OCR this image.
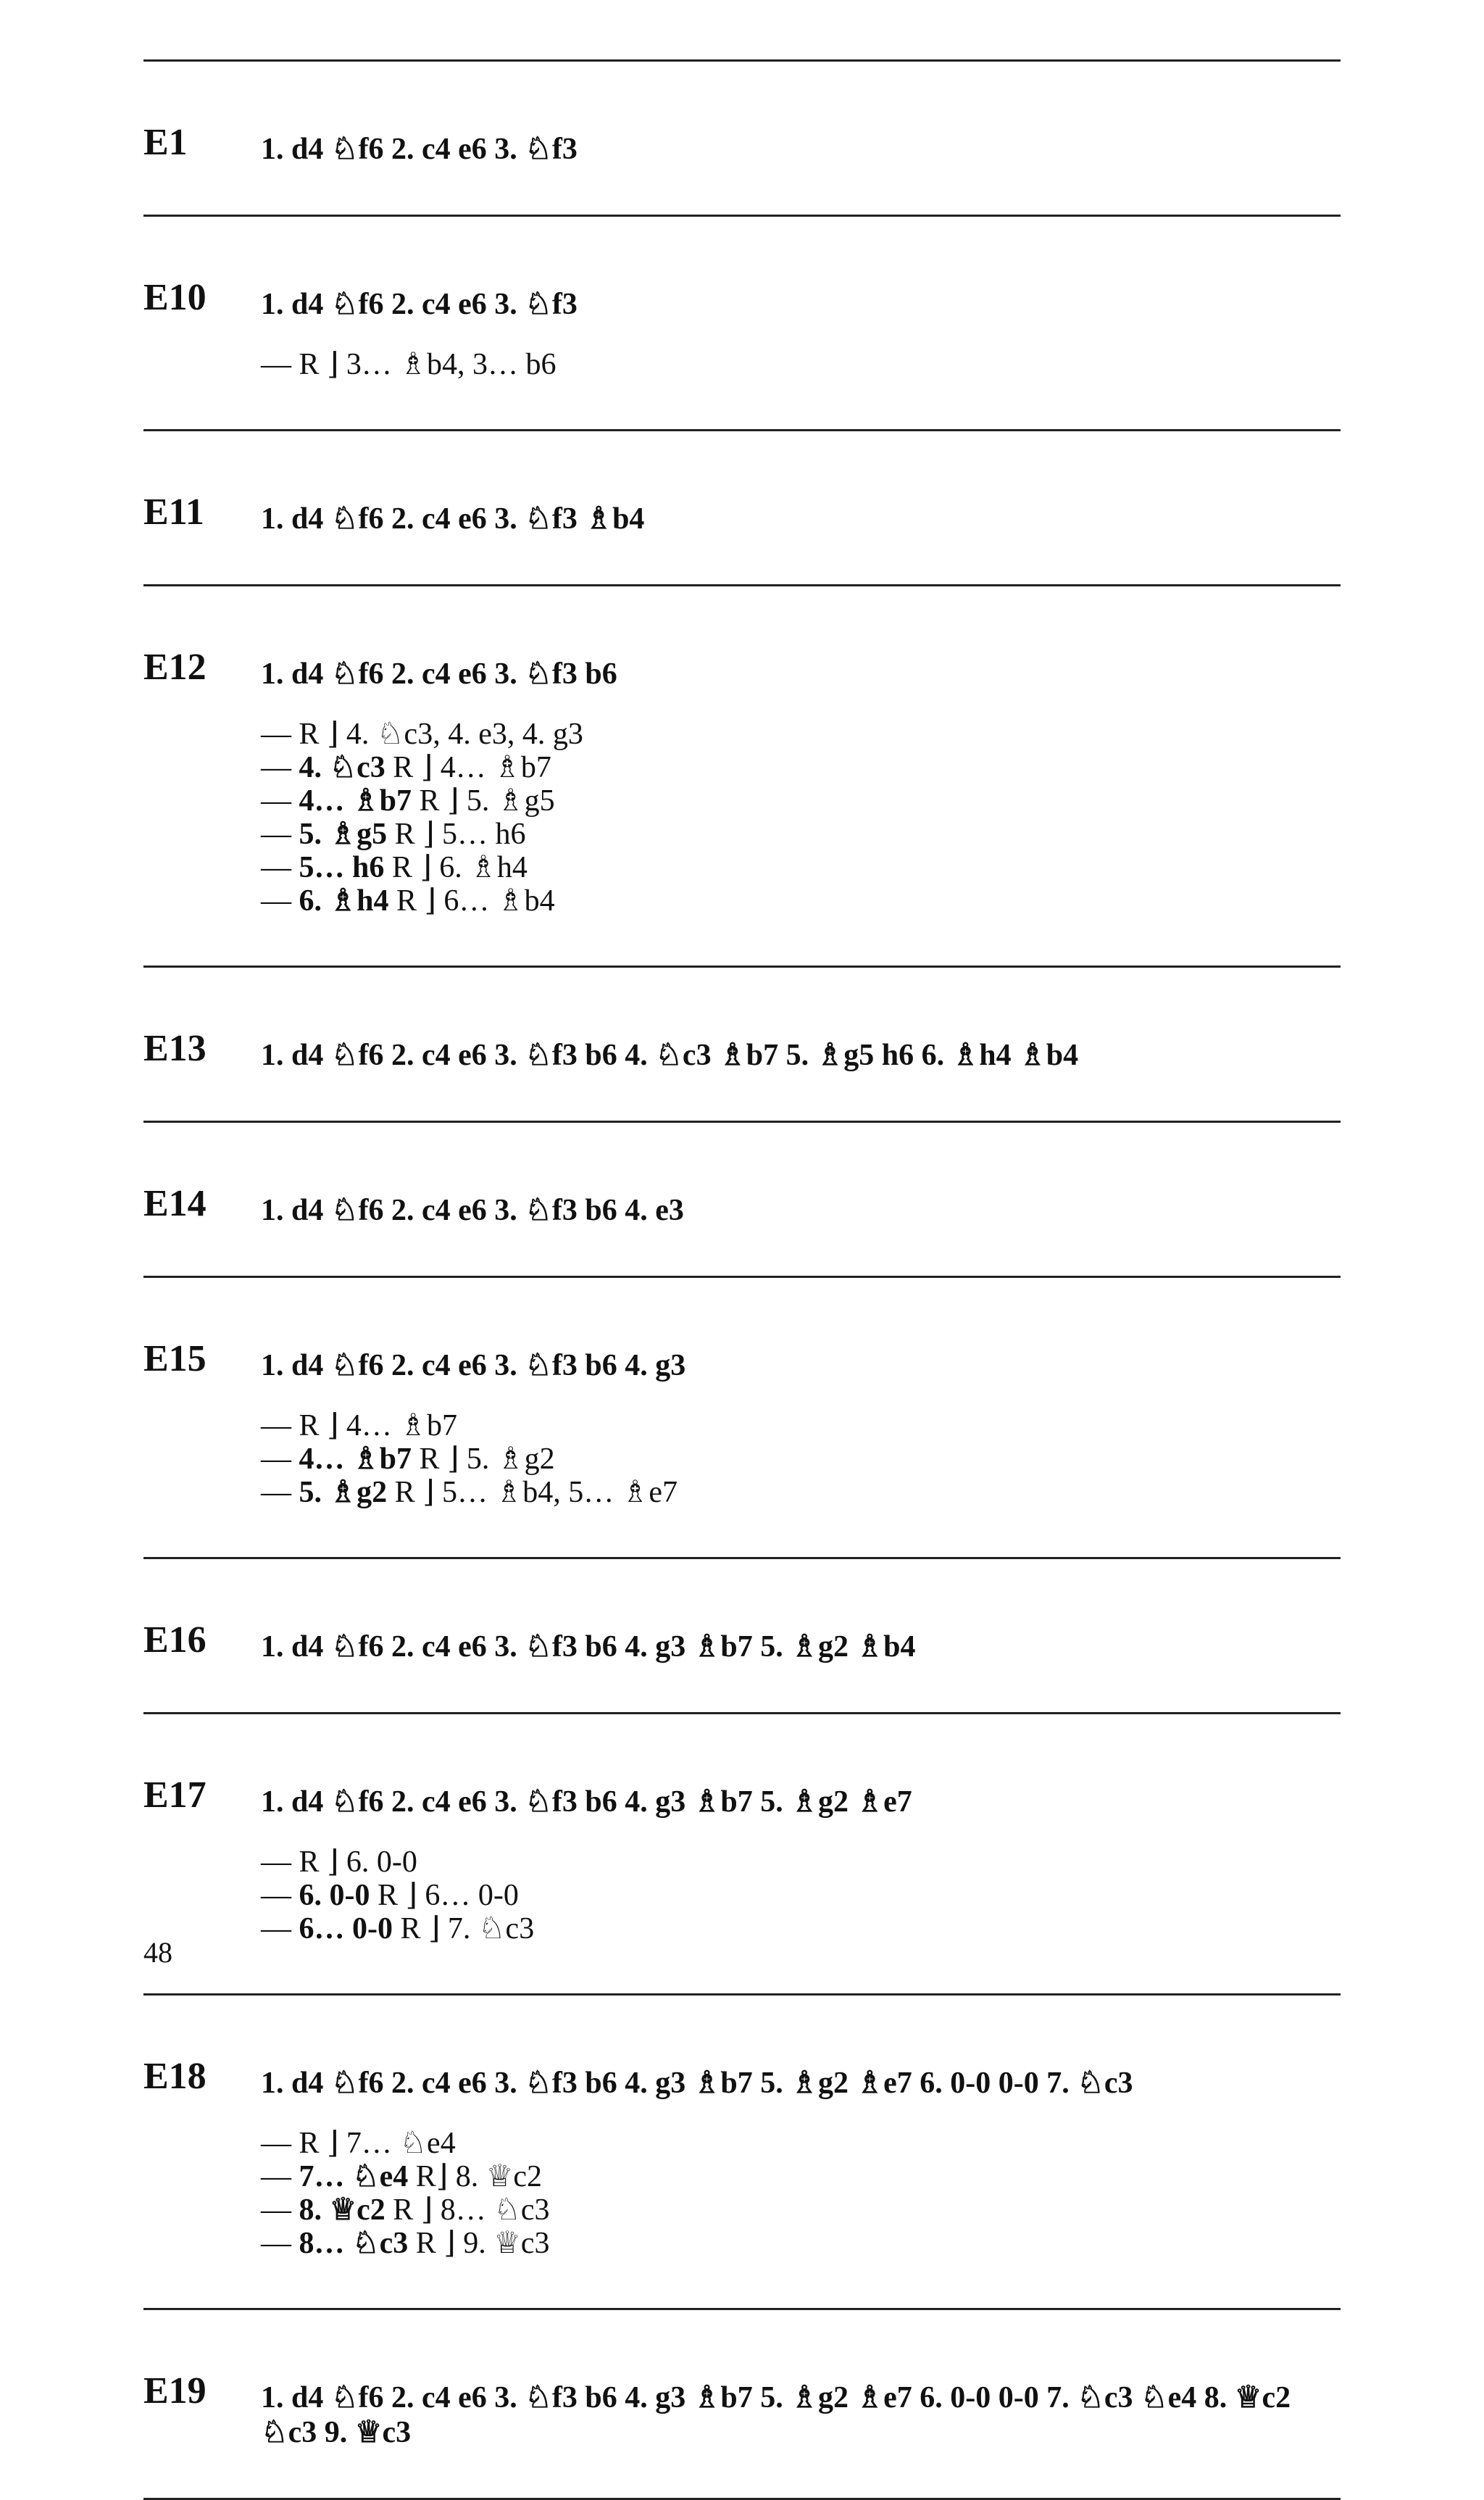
E1 1. d4 ♘f6 2. c4 e6 3. ♘f3
E10 1. d4 ♘f6 2. c4 e6 3. ♘f3
— R ⌋ 3… ♗b4, 3… b6
E11 1. d4 ♘f6 2. c4 e6 3. ♘f3 ♗b4
E12 1. d4 ♘f6 2. c4 e6 3. ♘f3 b6
— R ⌋ 4. ♘c3, 4. e3, 4. g3
— 4. ♘c3 R ⌋ 4… ♗b7
— 4… ♗b7 R ⌋ 5. ♗g5
— 5. ♗g5 R ⌋ 5… h6
— 5… h6 R ⌋ 6. ♗h4
— 6. ♗h4 R ⌋ 6… ♗b4
E13 1. d4 ♘f6 2. c4 e6 3. ♘f3 b6 4. ♘c3 ♗b7 5. ♗g5 h6 6. ♗h4 ♗b4
E14 1. d4 ♘f6 2. c4 e6 3. ♘f3 b6 4. e3
E15 1. d4 ♘f6 2. c4 e6 3. ♘f3 b6 4. g3
— R ⌋ 4… ♗b7
— 4… ♗b7 R ⌋ 5. ♗g2
— 5. ♗g2 R ⌋ 5… ♗b4, 5… ♗e7
E16 1. d4 ♘f6 2. c4 e6 3. ♘f3 b6 4. g3 ♗b7 5. ♗g2 ♗b4
E17 1. d4 ♘f6 2. c4 e6 3. ♘f3 b6 4. g3 ♗b7 5. ♗g2 ♗e7
— R ⌋ 6. 0-0
— 6. 0-0 R ⌋ 6… 0-0
— 6… 0-0 R ⌋ 7. ♘c3
E18 1. d4 ♘f6 2. c4 e6 3. ♘f3 b6 4. g3 ♗b7 5. ♗g2 ♗e7 6. 0-0 0-0 7. ♘c3
— R ⌋ 7… ♘e4
— 7… ♘e4 R⌋ 8. ♕c2
— 8. ♕c2 R ⌋ 8… ♘c3
— 8… ♘c3 R ⌋ 9. ♕c3
E19 1. d4 ♘f6 2. c4 e6 3. ♘f3 b6 4. g3 ♗b7 5. ♗g2 ♗e7 6. 0-0 0-0 7. ♘c3 ♘e4 8. ♕c2 ♘c3 9. ♕c3
48
